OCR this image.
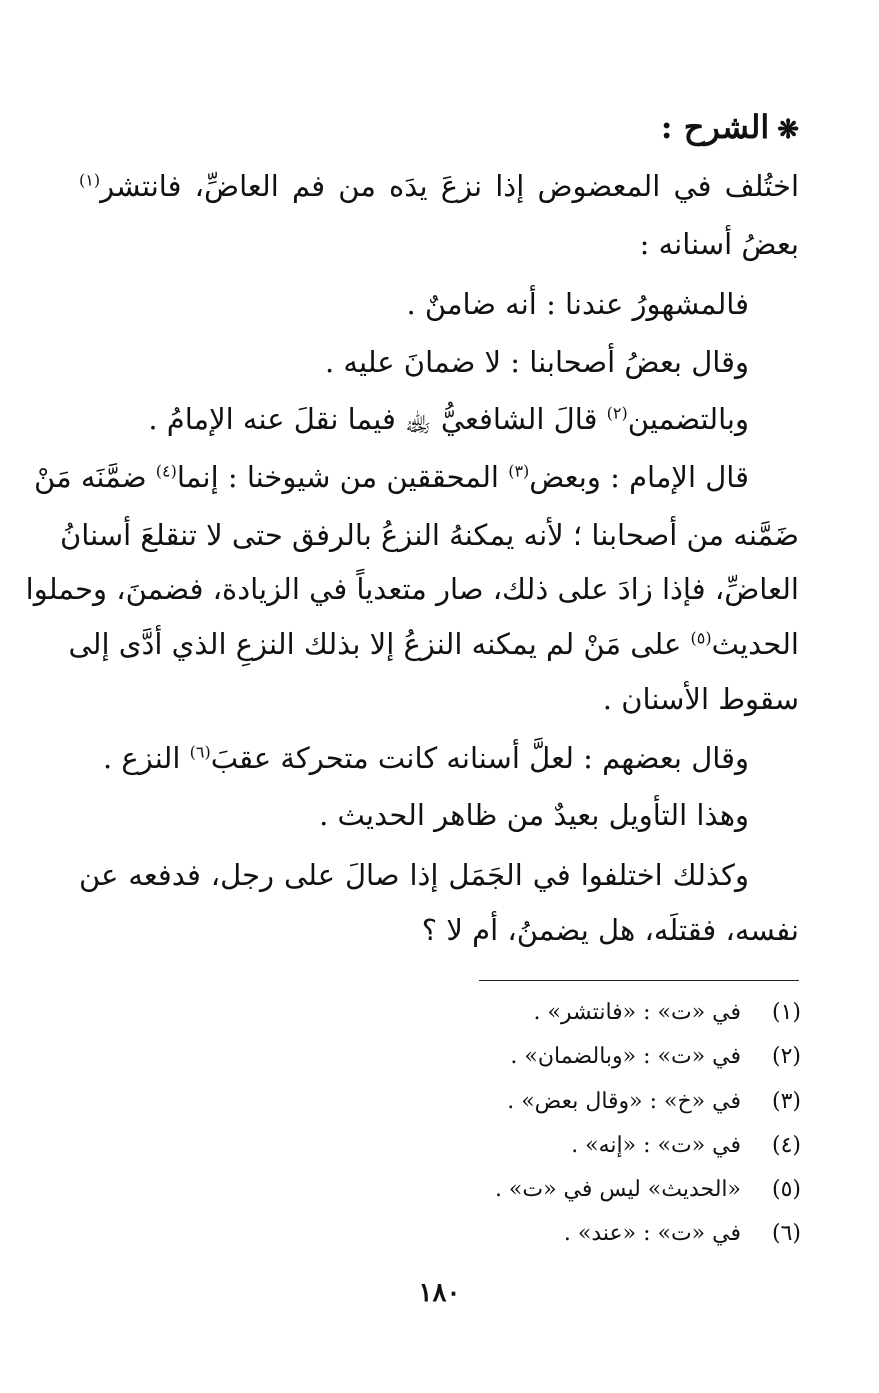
❋الشرح :
اختُلف في المعضوض إذا نزعَ يدَه من فم العاضِّ، فانتشر$^{(١)}$
بعضُ أسنانه :
فالمشهورُ عندنا : أنه ضامنٌ .
وقال بعضُ أصحابنا : لا ضمانَ عليه .
وبالتضمين$^{(٢)}$ قالَ الشافعيُّ ﵀ فيما نقلَ عنه الإمامُ .
قال الإمام : وبعض$^{(٣)}$ المحققين من شيوخنا : إنما$^{(٤)}$ ضمَّنَه مَنْ
ضَمَّنه من أصحابنا ؛ لأنه يمكنهُ النزعُ بالرفق حتى لا تنقلعَ أسنانُ
العاضِّ، فإذا زادَ على ذلك، صار متعدياً في الزيادة، فضمنَ، وحملوا
الحديث$^{(٥)}$ على مَنْ لم يمكنه النزعُ إلا بذلك النزعِ الذي أدَّى إلى
سقوط الأسنان .
وقال بعضهم : لعلَّ أسنانه كانت متحركة عقبَ$^{(٦)}$ النزع .
وهذا التأويل بعيدٌ من ظاهر الحديث .
وكذلك اختلفوا في الجَمَل إذا صالَ على رجل، فدفعه عن
نفسه، فقتلَه، هل يضمنُ، أم لا ؟
(١)
في «ت» : «فانتشر» .
(٢)
في «ت» : «وبالضمان» .
(٣)
في «خ» : «وقال بعض» .
(٤)
في «ت» : «إنه» .
(٥)
«الحديث» ليس في «ت» .
(٦)
في «ت» : «عند» .
١٨٠
